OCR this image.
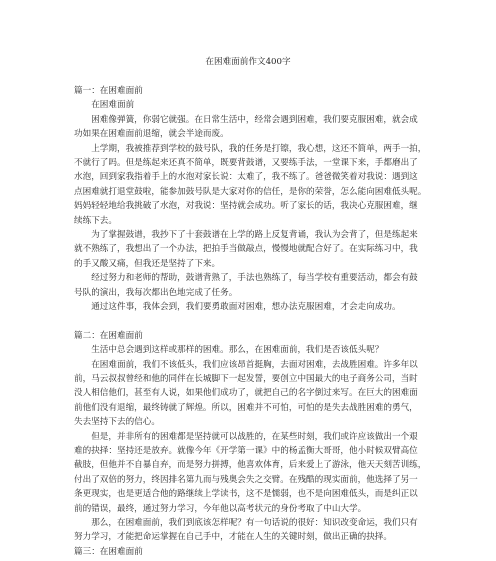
在困难面前作文400字
篇一：在困难面前
　　在困难面前
　　困难像弹簧，你弱它就强。在日常生活中，经常会遇到困难，我们要克服困难，就会成
功如果在困难面前退缩，就会半途而废。
　　上学期，我被推荐到学校的鼓号队，我的任务是打镲，我心想，这还不简单，两手一拍，
不就行了吗。但是练起来还真不简单，既要背鼓谱，又要练手法，一堂课下来，手都磨出了
水泡，回到家我指着手上的水泡对家长说：太难了，我不练了。爸爸微笑着对我说：遇到这
点困难就打退堂鼓啦，能参加鼓号队是大家对你的信任，是你的荣誉，怎么能向困难低头呢。
妈妈轻轻地给我挑破了水泡，对我说：坚持就会成功。听了家长的话，我决心克服困难，继
续练下去。
　　为了掌握鼓谱，我抄下了十套鼓谱在上学的路上反复背诵，我认为会背了，但是练起来
就不熟练了，我想出了一个办法，把拍手当做敲点，慢慢地就配合好了。在实际练习中，我
的手又酸又痛，但我还是坚持了下来。
　　经过努力和老师的帮助，鼓谱背熟了，手法也熟练了，每当学校有重要活动，都会有鼓
号队的演出，我每次都出色地完成了任务。
　　通过这件事，我体会到，我们要勇敢面对困难，想办法克服困难，才会走向成功。
篇二：在困难面前
　　生活中总会遇到这样或那样的困难。那么，在困难面前，我们是否该低头呢？
　　在困难面前，我们不该低头，我们应该昂首挺胸，去面对困难，去战胜困难。许多年以
前，马云叔叔曾经和他的同伴在长城脚下一起发誓，要创立中国最大的电子商务公司，当时
没人相信他们，甚至有人说，如果他们成功了，就把自己的名字倒过来写。在巨大的困难面
前他们没有退缩，最终铸就了辉煌。所以，困难并不可怕，可怕的是失去战胜困难的勇气，
失去坚持下去的信心。
　　但是，并非所有的困难都是坚持就可以战胜的，在某些时刻，我们或许应该做出一个艰
难的抉择：坚持还是放弃。就像今年《开学第一课》中的杨孟衡大哥哥，他小时候双臂高位
截肢，但他并不自暴自弃，而是努力拼搏，他喜欢体育，后来爱上了游泳，他天天刻苦训练，
付出了双倍的努力，终因排名第九而与残奥会失之交臂。在残酷的现实面前，他选择了另一
条更现实，也是更适合他的路继续上学读书，这不是懦弱，也不是向困难低头，而是纠正以
前的错误，最终，通过努力学习，今年他以高考状元的身份考取了中山大学。
　　那么，在困难面前，我们到底该怎样呢？有一句话说的很好：知识改变命运，我们只有
努力学习，才能把命运掌握在自己手中，才能在人生的关键时刻，做出正确的抉择。
篇三：在困难面前
